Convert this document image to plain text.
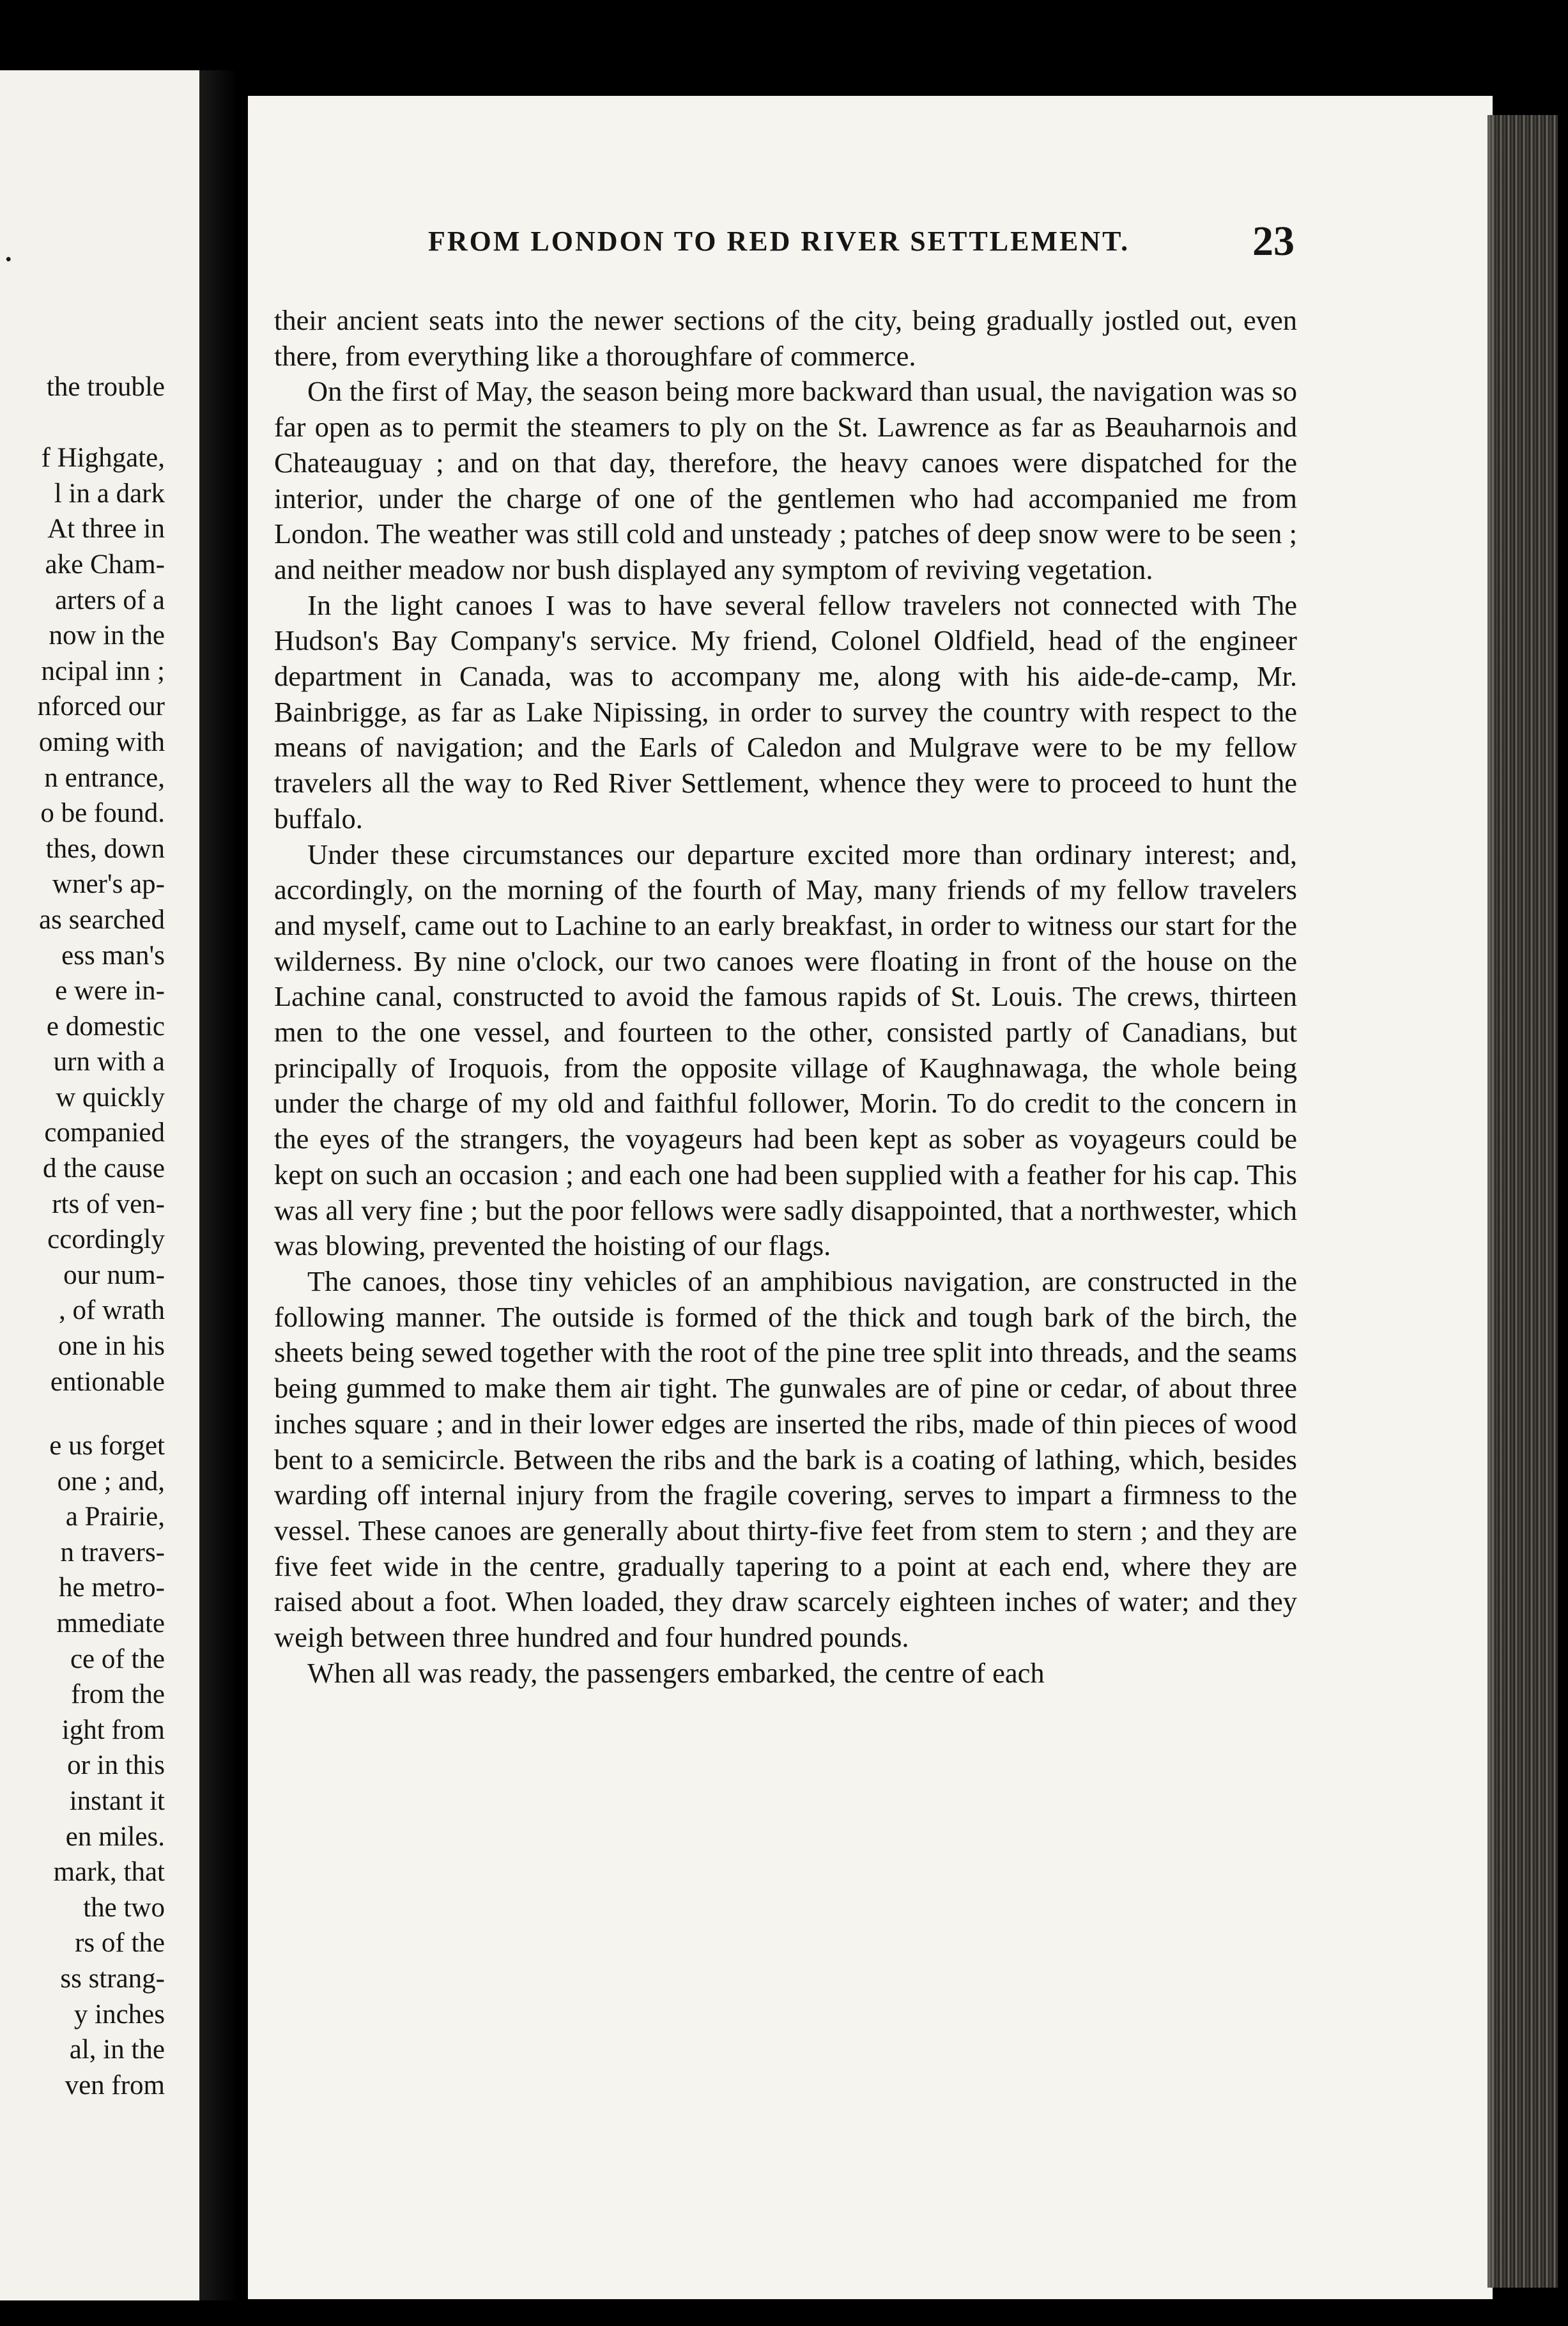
.
the trouble
f Highgate,
l in a dark
At three in
ake Cham-
arters of a
now in the
ncipal inn ;
nforced our
oming with
n entrance,
o be found.
thes, down
wner's ap-
as searched
ess man's
e were in-
e domestic
urn with a
w quickly
companied
d the cause
rts of ven-
ccordingly
our num-
, of wrath
one in his
entionable
e us forget
one ; and,
a Prairie,
n travers-
he metro-
mmediate
ce of the
from the
ight from
or in this
instant it
en miles.
mark, that
the two
rs of the
ss strang-
y inches
al, in the
ven from
FROM LONDON TO RED RIVER SETTLEMENT.	23

their ancient seats into the newer sections of the city, being gradually jostled out, even there, from everything like a thoroughfare of commerce.

On the first of May, the season being more backward than usual, the navigation was so far open as to permit the steamers to ply on the St. Lawrence as far as Beauharnois and Chateauguay ; and on that day, therefore, the heavy canoes were dispatched for the interior, under the charge of one of the gentlemen who had accompanied me from London. The weather was still cold and unsteady ; patches of deep snow were to be seen ; and neither meadow nor bush displayed any symptom of reviving vegetation.

In the light canoes I was to have several fellow travelers not connected with The Hudson's Bay Company's service. My friend, Colonel Oldfield, head of the engineer department in Canada, was to accompany me, along with his aide-de-camp, Mr. Bainbrigge, as far as Lake Nipissing, in order to survey the country with respect to the means of navigation; and the Earls of Caledon and Mulgrave were to be my fellow travelers all the way to Red River Settlement, whence they were to proceed to hunt the buffalo.

Under these circumstances our departure excited more than ordinary interest; and, accordingly, on the morning of the fourth of May, many friends of my fellow travelers and myself, came out to Lachine to an early breakfast, in order to witness our start for the wilderness. By nine o'clock, our two canoes were floating in front of the house on the Lachine canal, constructed to avoid the famous rapids of St. Louis. The crews, thirteen men to the one vessel, and fourteen to the other, consisted partly of Canadians, but principally of Iroquois, from the opposite village of Kaughnawaga, the whole being under the charge of my old and faithful follower, Morin. To do credit to the concern in the eyes of the strangers, the voyageurs had been kept as sober as voyageurs could be kept on such an occasion ; and each one had been supplied with a feather for his cap. This was all very fine ; but the poor fellows were sadly disappointed, that a northwester, which was blowing, prevented the hoisting of our flags.

The canoes, those tiny vehicles of an amphibious navigation, are constructed in the following manner. The outside is formed of the thick and tough bark of the birch, the sheets being sewed together with the root of the pine tree split into threads, and the seams being gummed to make them air tight. The gunwales are of pine or cedar, of about three inches square ; and in their lower edges are inserted the ribs, made of thin pieces of wood bent to a semicircle. Between the ribs and the bark is a coating of lathing, which, besides warding off internal injury from the fragile covering, serves to impart a firmness to the vessel. These canoes are generally about thirty-five feet from stem to stern ; and they are five feet wide in the centre, gradually tapering to a point at each end, where they are raised about a foot. When loaded, they draw scarcely eighteen inches of water; and they weigh between three hundred and four hundred pounds.

When all was ready, the passengers embarked, the centre of each
